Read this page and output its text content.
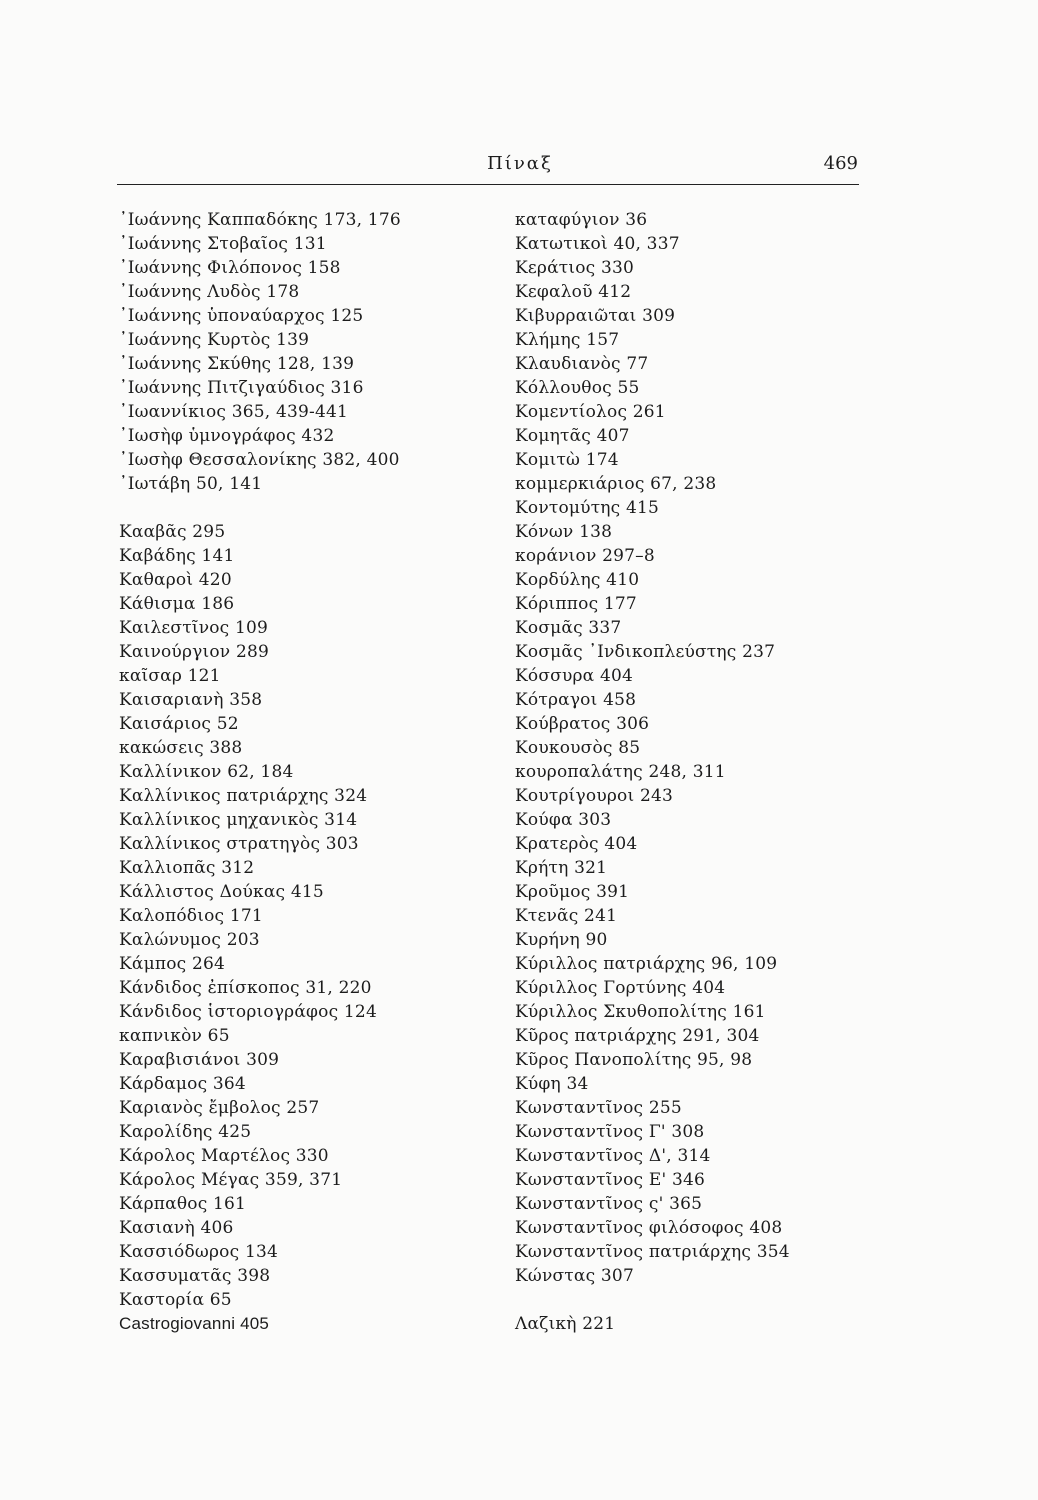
Πίναξ	469
᾿Ιωάννης Καππαδόκης 173, 176
᾿Ιωάννης Στοβαῖος 131
᾿Ιωάννης Φιλόπονος 158
᾿Ιωάννης Λυδὸς 178
᾿Ιωάννης ὑποναύαρχος 125
᾿Ιωάννης Κυρτὸς 139
᾿Ιωάννης Σκύθης 128, 139
᾿Ιωάννης Πιτζιγαύδιος 316
᾿Ιωαννίκιος 365, 439-441
᾿Ιωσὴφ ὑμνογράφος 432
᾿Ιωσὴφ Θεσσαλονίκης 382, 400
᾿Ιωτάβη 50, 141
Κααβᾶς 295
Καβάδης 141
Καθαροὶ 420
Κάθισμα 186
Καιλεστῖνος 109
Καινούργιον 289
καῖσαρ 121
Καισαριανὴ 358
Καισάριος 52
κακώσεις 388
Καλλίνικον 62, 184
Καλλίνικος πατριάρχης 324
Καλλίνικος μηχανικὸς 314
Καλλίνικος στρατηγὸς 303
Καλλιοπᾶς 312
Κάλλιστος Δούκας 415
Καλοπόδιος 171
Καλώνυμος 203
Κάμπος 264
Κάνδιδος ἐπίσκοπος 31, 220
Κάνδιδος ἱστοριογράφος 124
καπνικὸν 65
Καραβισιάνοι 309
Κάρδαμος 364
Καριανὸς ἔμβολος 257
Καρολίδης 425
Κάρολος Μαρτέλος 330
Κάρολος Μέγας 359, 371
Κάρπαθος 161
Κασιανὴ 406
Κασσιόδωρος 134
Κασσυματᾶς 398
Καστορία 65
Castrogiovanni 405
καταφύγιον 36
Κατωτικοὶ 40, 337
Κεράτιος 330
Κεφαλοῦ 412
Κιβυρραιῶται 309
Κλήμης 157
Κλαυδιανὸς 77
Κόλλουθος 55
Κομεντίολος 261
Κομητᾶς 407
Κομιτὼ 174
κομμερκιάριος 67, 238
Κοντομύτης 415
Κόνων 138
κοράνιον 297–8
Κορδύλης 410
Κόριππος 177
Κοσμᾶς 337
Κοσμᾶς ᾿Ινδικοπλεύστης 237
Κόσσυρα 404
Κότραγοι 458
Κούβρατος 306
Κουκουσὸς 85
κουροπαλάτης 248, 311
Κουτρίγουροι 243
Κούφα 303
Κρατερὸς 404
Κρήτη 321
Κροῦμος 391
Κτενᾶς 241
Κυρήνη 90
Κύριλλος πατριάρχης 96, 109
Κύριλλος Γορτύνης 404
Κύριλλος Σκυθοπολίτης 161
Κῦρος πατριάρχης 291, 304
Κῦρος Πανοπολίτης 95, 98
Κύφη 34
Κωνσταντῖνος 255
Κωνσταντῖνος Γ' 308
Κωνσταντῖνος Δ', 314
Κωνσταντῖνος Ε' 346
Κωνσταντῖνος ς' 365
Κωνσταντῖνος φιλόσοφος 408
Κωνσταντῖνος πατριάρχης 354
Κώνστας 307
Λαζικὴ 221
